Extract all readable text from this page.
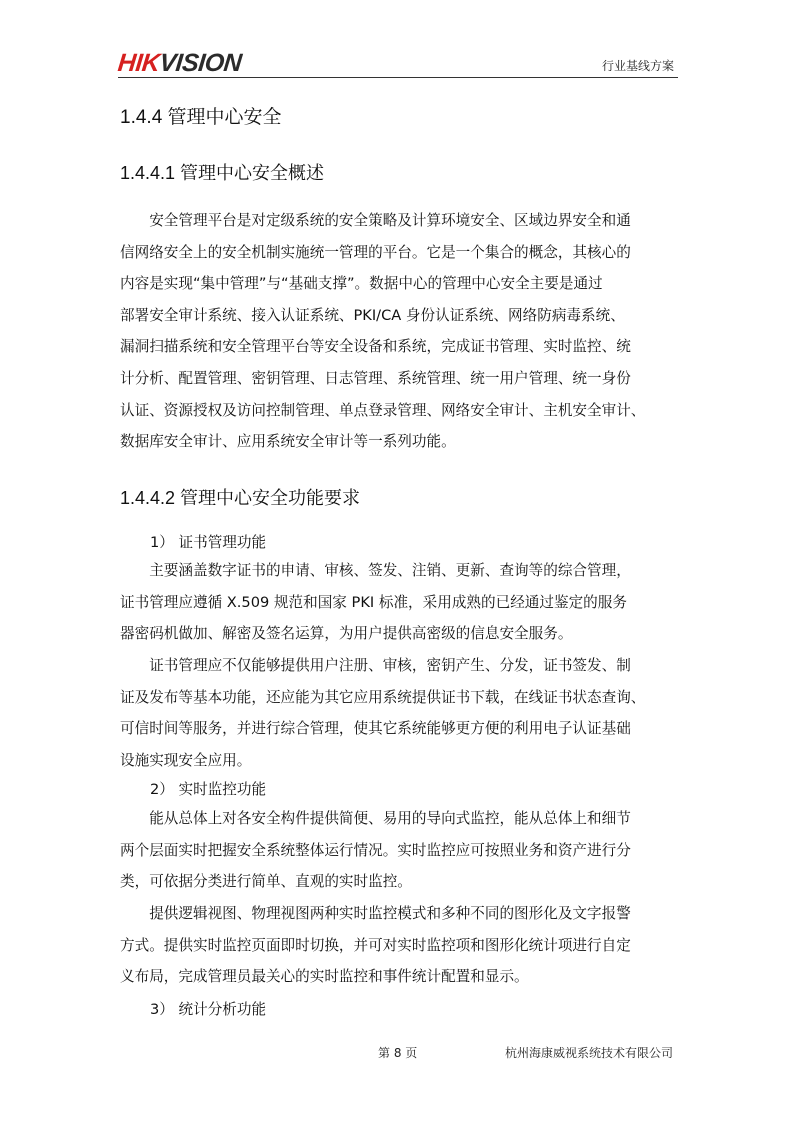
HIKVISION	行业基线方案
1.4.4 管理中心安全
1.4.4.1 管理中心安全概述
　　安全管理平台是对定级系统的安全策略及计算环境安全、区域边界安全和通
信网络安全上的安全机制实施统一管理的平台。它是一个集合的概念，其核心的
内容是实现“集中管理”与“基础支撑”。数据中心的管理中心安全主要是通过
部署安全审计系统、接入认证系统、PKI/CA 身份认证系统、网络防病毒系统、
漏洞扫描系统和安全管理平台等安全设备和系统，完成证书管理、实时监控、统
计分析、配置管理、密钥管理、日志管理、系统管理、统一用户管理、统一身份
认证、资源授权及访问控制管理、单点登录管理、网络安全审计、主机安全审计、
数据库安全审计、应用系统安全审计等一系列功能。
1.4.4.2 管理中心安全功能要求
1） 证书管理功能
　　主要涵盖数字证书的申请、审核、签发、注销、更新、查询等的综合管理，
证书管理应遵循 X.509 规范和国家 PKI 标准，采用成熟的已经通过鉴定的服务
器密码机做加、解密及签名运算，为用户提供高密级的信息安全服务。
　　证书管理应不仅能够提供用户注册、审核，密钥产生、分发，证书签发、制
证及发布等基本功能，还应能为其它应用系统提供证书下载，在线证书状态查询、
可信时间等服务，并进行综合管理，使其它系统能够更方便的利用电子认证基础
设施实现安全应用。
2） 实时监控功能
　　能从总体上对各安全构件提供简便、易用的导向式监控，能从总体上和细节
两个层面实时把握安全系统整体运行情况。实时监控应可按照业务和资产进行分
类，可依据分类进行简单、直观的实时监控。
　　提供逻辑视图、物理视图两种实时监控模式和多种不同的图形化及文字报警
方式。提供实时监控页面即时切换，并可对实时监控项和图形化统计项进行自定
义布局，完成管理员最关心的实时监控和事件统计配置和显示。
3） 统计分析功能
第 8 页	杭州海康威视系统技术有限公司
